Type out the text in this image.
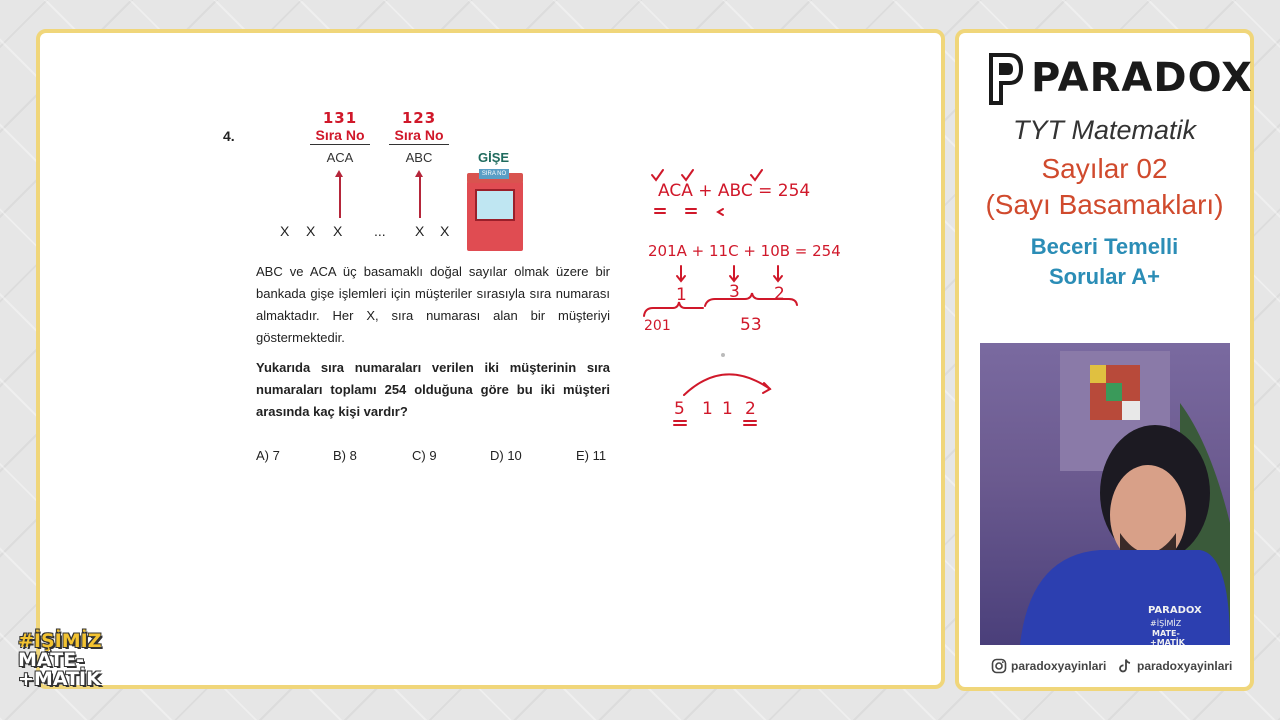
4.
131
Sıra No
ACA
123
Sıra No
ABC
X X X ... X X
GİŞE
SIRA NO
ABC ve ACA üç basamaklı doğal sayılar olmak üzere bir bankada gişe işlemleri için müşteriler sırasıyla sıra numarası almaktadır. Her X, sıra numarası alan bir müşteriyi göstermektedir.
Yukarıda sıra numaraları verilen iki müşterinin sıra numaraları toplamı 254 olduğuna göre bu iki müşteri arasında kaç kişi vardır?
A) 7	B) 8	C) 9	D) 10	E) 11
ACA + ABC = 254
201A + 11C + 10B = 254
1 3 2
201	53
5 1 1 2
PARADOX
TYT Matematik
Sayılar 02
(Sayı Basamakları)
Beceri Temelli
Sorular A+
PARADOX
#İŞİMİZ
MATE-
+MATİK
paradoxyayinlari	paradoxyayinlari
#İŞİMİZ
MATE-
+MATİK
